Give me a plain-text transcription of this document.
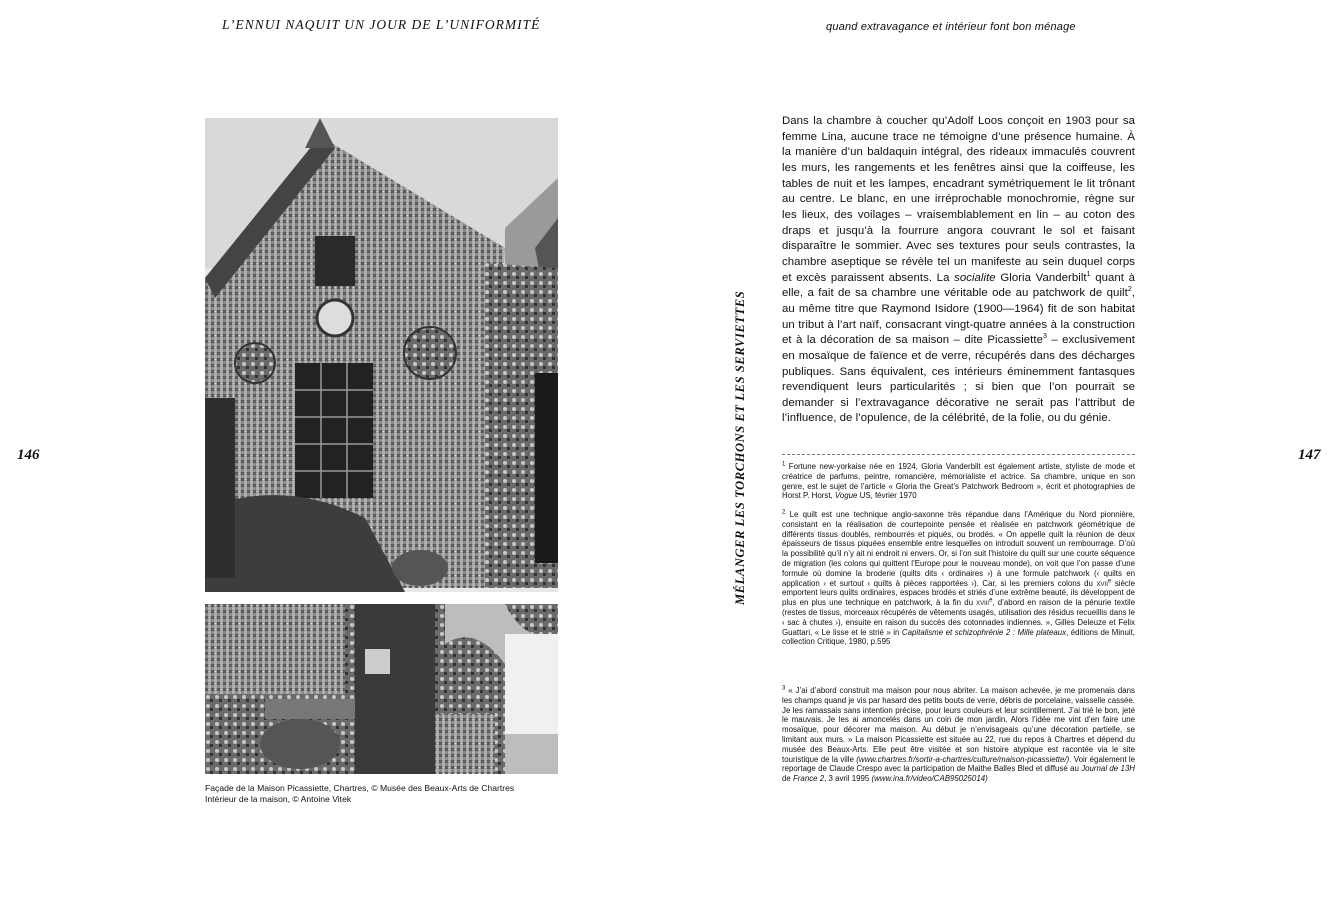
L’ENNUI NAQUIT UN JOUR DE L’UNIFORMITÉ
146
Façade de la Maison Picassiette, Chartres, © Musée des Beaux-Arts de Chartres
Intérieur de la maison, © Antoine Vitek
quand extravagance et intérieur font bon ménage
147
MÉLANGER LES TORCHONS ET LES SERVIETTES
Dans la chambre à coucher qu’Adolf Loos conçoit en 1903 pour sa femme Lina, aucune trace ne témoigne d’une présence humaine. À la manière d’un baldaquin intégral, des rideaux immaculés couvrent les murs, les rangements et les fenêtres ainsi que la coiffeuse, les tables de nuit et les lampes, encadrant symétriquement le lit trônant au centre. Le blanc, en une irréprochable monochromie, règne sur les lieux, des voilages – vraisemblablement en lin – au coton des draps et jusqu’à la fourrure angora couvrant le sol et faisant disparaître le sommier. Avec ses textures pour seuls contrastes, la chambre aseptique se révèle tel un manifeste au sein duquel corps et excès paraissent absents. La socialite Gloria Vanderbilt$^1$ quant à elle, a fait de sa chambre une véritable ode au patchwork de quilt$^2$, au même titre que Raymond Isidore (1900—1964) fit de son habitat un tribut à l’art naïf, consacrant vingt-quatre années à la construction et à la décoration de sa maison – dite Picassiette$^3$ – exclusivement en mosaïque de faïence et de verre, récupérés dans des décharges publiques. Sans équivalent, ces intérieurs éminemment fantasques revendiquent leurs particularités ; si bien que l’on pourrait se demander si l’extravagance décorative ne serait pas l’attribut de l’influence, de l’opulence, de la célébrité, de la folie, ou du génie.
$^1$ Fortune new-yorkaise née en 1924, Gloria Vanderbilt est également artiste, styliste de mode et créatrice de parfums, peintre, romancière, mémorialiste et actrice. Sa chambre, unique en son genre, est le sujet de l’article « Gloria the Great’s Patchwork Bedroom », écrit et photographies de Horst P. Horst, Vogue US, février 1970
$^2$ Le quilt est une technique anglo-saxonne très répandue dans l’Amérique du Nord pionnière, consistant en la réalisation de courtepointe pensée et réalisée en patchwork géométrique de différents tissus doublés, rembourrés et piqués, ou brodés. « On appelle quilt la réunion de deux épaisseurs de tissus piquées ensemble entre lesquelles on introduit souvent un rembourrage. D’où la possibilité qu’il n’y ait ni endroit ni envers. Or, si l’on suit l’histoire du quilt sur une courte séquence de migration (les colons qui quittent l’Europe pour le nouveau monde), on voit que l’on passe d’une formule où domine la broderie (quilts dits ‹ ordinaires ›) à une formule patchwork (‹ quilts en application › et surtout ‹ quilts à pièces rapportées ›). Car, si les premiers colons du xvii$^e$ siècle emportent leurs quilts ordinaires, espaces brodés et striés d’une extrême beauté, ils développent de plus en plus une technique en patchwork, à la fin du xviii$^e$, d’abord en raison de la pénurie textile (restes de tissus, morceaux récupérés de vêtements usagés, utilisation des résidus recueillis dans le ‹ sac à chutes ›), ensuite en raison du succès des cotonnades indiennes. », Gilles Deleuze et Felix Guattari, « Le lisse et le strié » in Capitalisme et schizophrénie 2 : Mille plateaux, éditions de Minuit, collection Critique, 1980, p.595
$^3$ « J’ai d’abord construit ma maison pour nous abriter. La maison achevée, je me promenais dans les champs quand je vis par hasard des petits bouts de verre, débris de porcelaine, vaisselle cassée. Je les ramassais sans intention précise, pour leurs couleurs et leur scintillement. J’ai trié le bon, jeté le mauvais. Je les ai amoncelés dans un coin de mon jardin. Alors l’idée me vint d’en faire une mosaïque, pour décorer ma maison. Au début je n’envisageais qu’une décoration partielle, se limitant aux murs. » La maison Picassiette est située au 22, rue du repos à Chartres et dépend du musée des Beaux-Arts. Elle peut être visitée et son histoire atypique est racontée via le site touristique de la ville (www.chartres.fr/sortir-a-chartres/culture/maison-picassiette/). Voir également le reportage de Claude Crespo avec la participation de Maithe Balles Bled et diffusé au Journal de 13H de France 2, 3 avril 1995 (www.ina.fr/video/CAB95025014)
